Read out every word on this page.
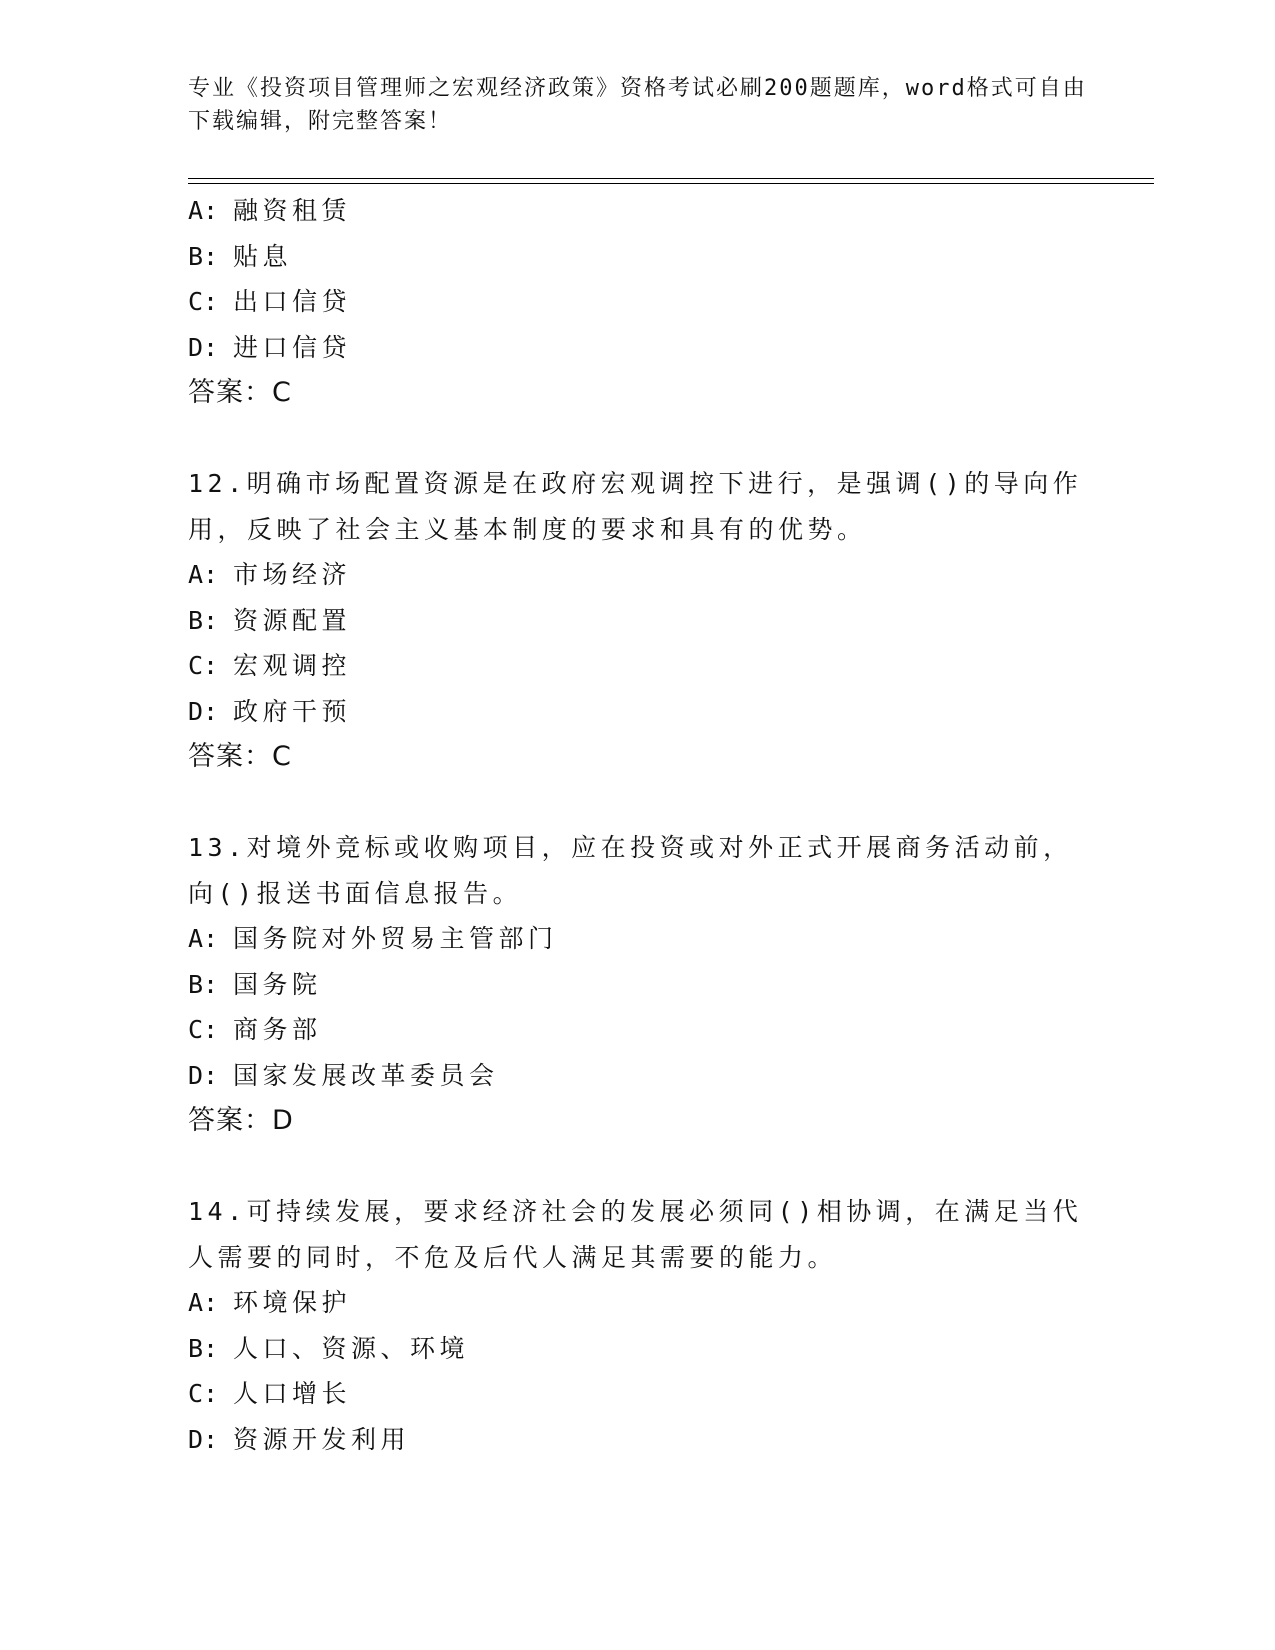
专业《投资项目管理师之宏观经济政策》资格考试必刷200题题库，word格式可自由下载编辑，附完整答案！
A: 融资租赁
B: 贴息
C: 出口信贷
D: 进口信贷
答案：C
12.明确市场配置资源是在政府宏观调控下进行，是强调()的导向作用，反映了社会主义基本制度的要求和具有的优势。
A: 市场经济
B: 资源配置
C: 宏观调控
D: 政府干预
答案：C
13.对境外竞标或收购项目，应在投资或对外正式开展商务活动前，向()报送书面信息报告。
A: 国务院对外贸易主管部门
B: 国务院
C: 商务部
D: 国家发展改革委员会
答案：D
14.可持续发展，要求经济社会的发展必须同()相协调，在满足当代人需要的同时，不危及后代人满足其需要的能力。
A: 环境保护
B: 人口、资源、环境
C: 人口增长
D: 资源开发利用
